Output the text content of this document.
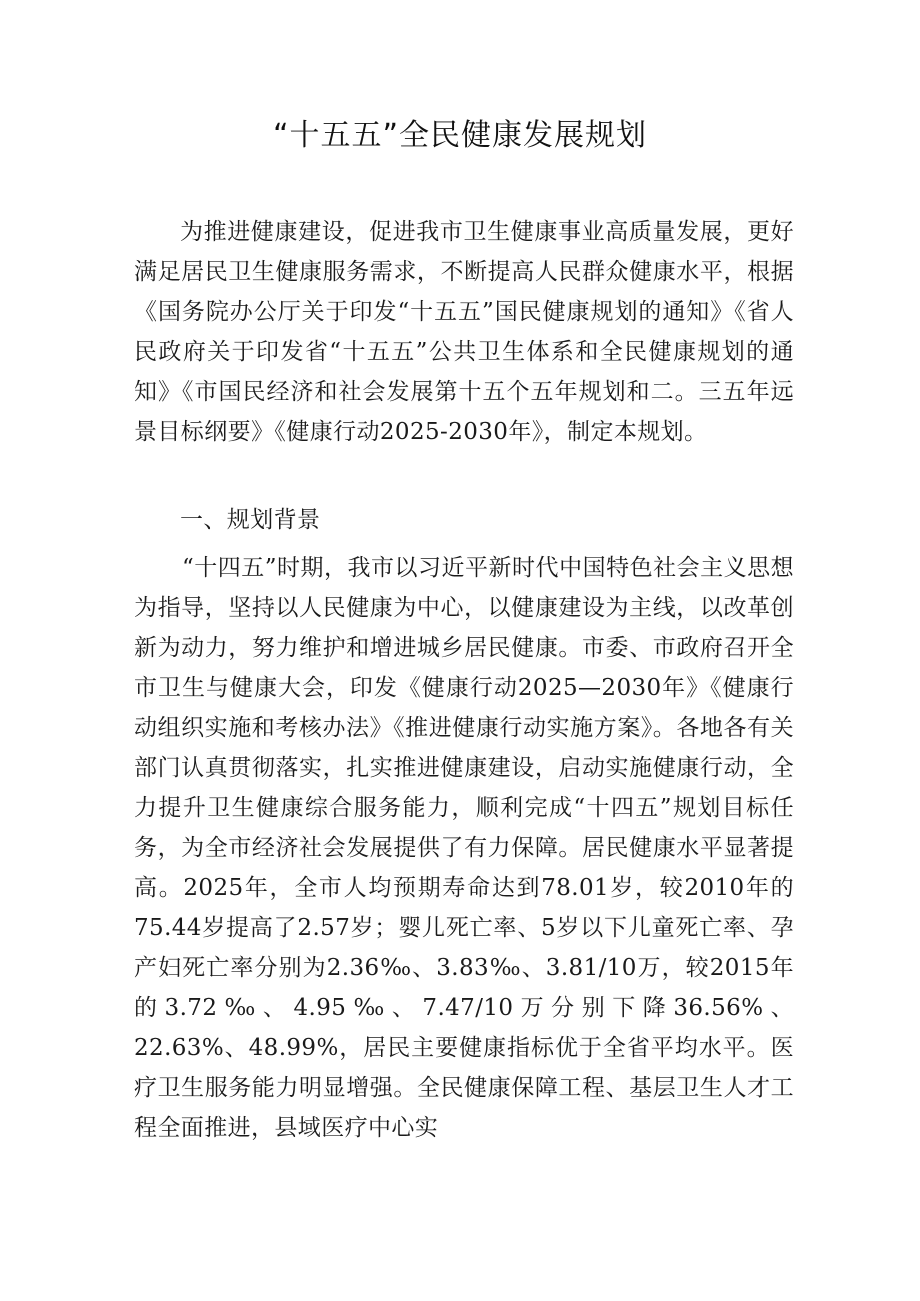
“十五五”全民健康发展规划

为推进健康建设，促进我市卫生健康事业高质量发展，更好满足居民卫生健康服务需求，不断提高人民群众健康水平，根据《国务院办公厅关于印发“十五五”国民健康规划的通知》《省人民政府关于印发省“十五五”公共卫生体系和全民健康规划的通知》《市国民经济和社会发展第十五个五年规划和二。三五年远景目标纲要》《健康行动2025-2030年》，制定本规划。

一、规划背景

“十四五”时期，我市以习近平新时代中国特色社会主义思想为指导，坚持以人民健康为中心，以健康建设为主线，以改革创新为动力，努力维护和增进城乡居民健康。市委、市政府召开全市卫生与健康大会，印发《健康行动2025—2030年》《健康行动组织实施和考核办法》《推进健康行动实施方案》。各地各有关部门认真贯彻落实，扎实推进健康建设，启动实施健康行动，全力提升卫生健康综合服务能力，顺利完成“十四五”规划目标任务，为全市经济社会发展提供了有力保障。居民健康水平显著提高。2025年，全市人均预期寿命达到78.01岁，较2010年的75.44岁提高了2.57岁；婴儿死亡率、5岁以下儿童死亡率、孕产妇死亡率分别为2.36‰、3.83‰、3.81/10万，较2015年的3.72‰、4.95‰、7.47/10万分别下降36.56%、22.63%、48.99%，居民主要健康指标优于全省平均水平。医疗卫生服务能力明显增强。全民健康保障工程、基层卫生人才工程全面推进，县域医疗中心实
